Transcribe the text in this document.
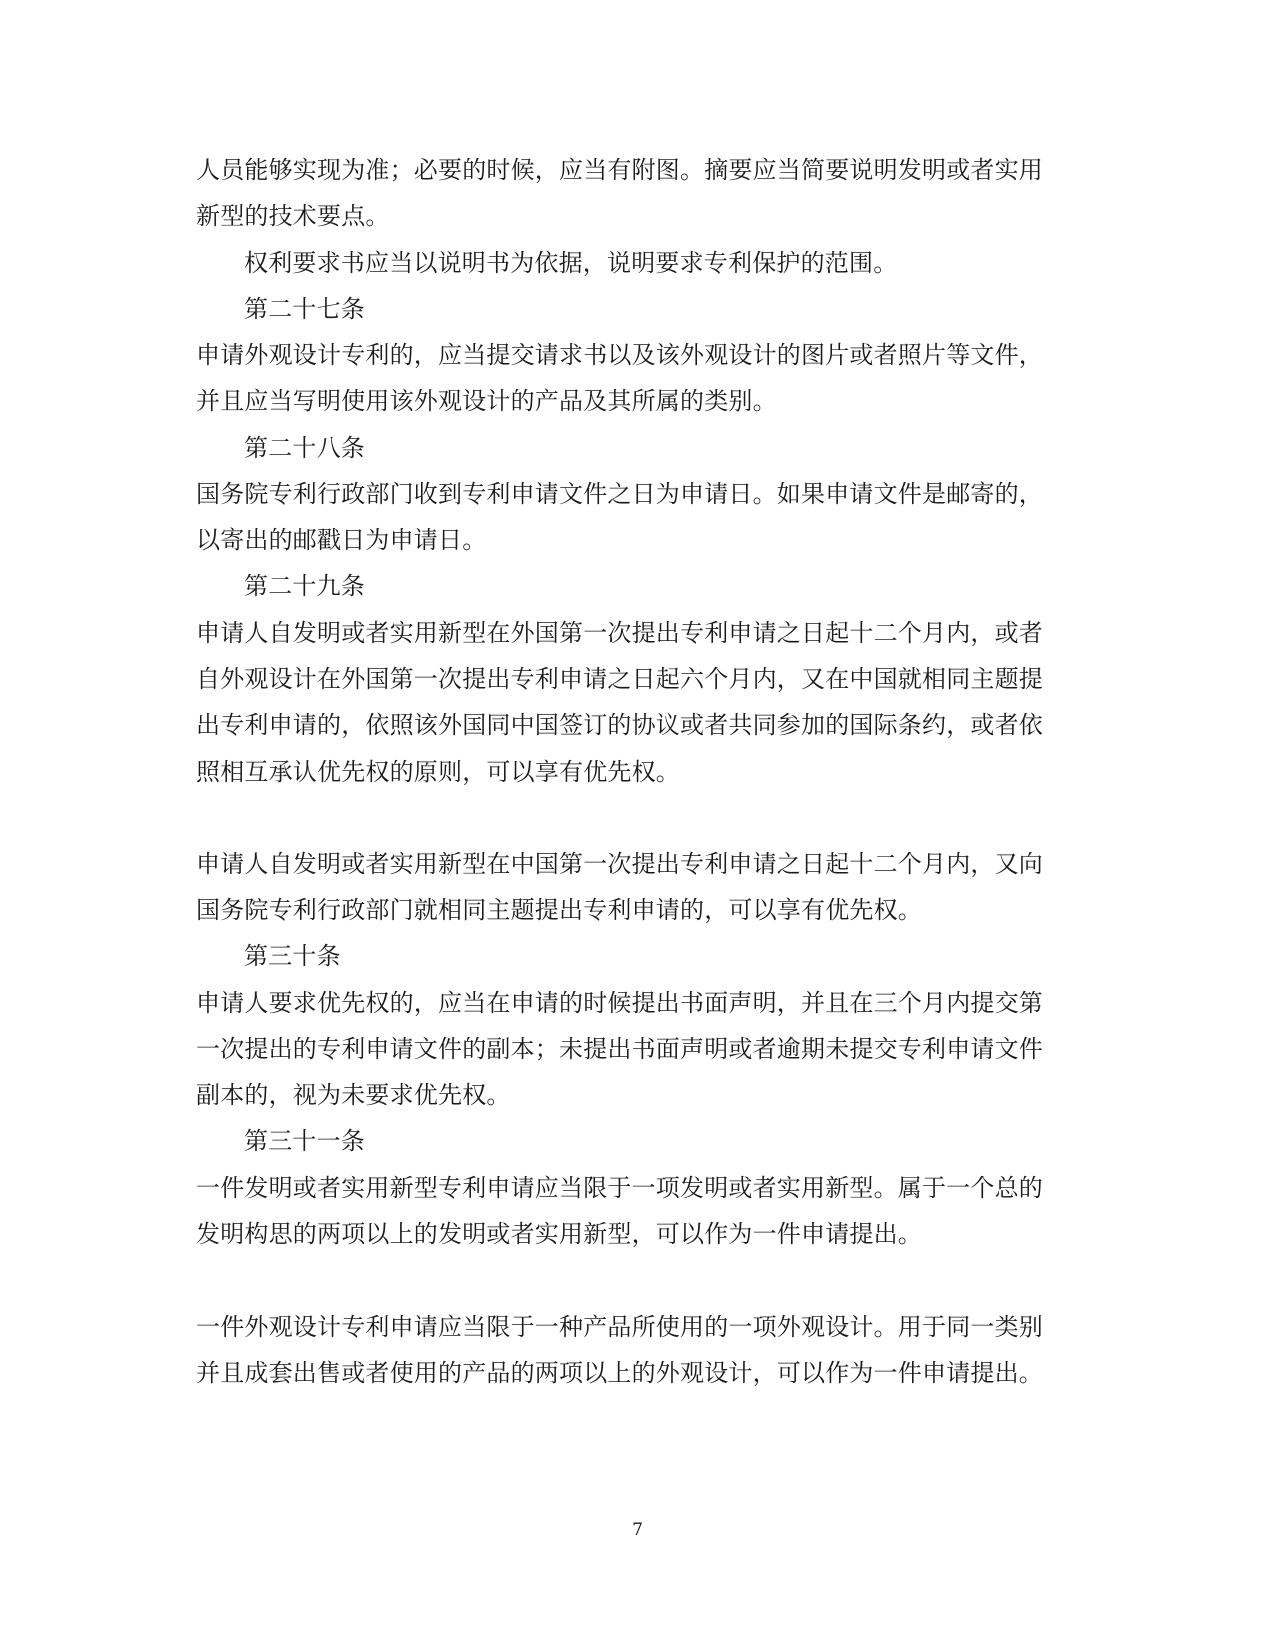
人员能够实现为准；必要的时候，应当有附图。摘要应当简要说明发明或者实用
新型的技术要点。
权利要求书应当以说明书为依据，说明要求专利保护的范围。
第二十七条
申请外观设计专利的，应当提交请求书以及该外观设计的图片或者照片等文件，
并且应当写明使用该外观设计的产品及其所属的类别。
第二十八条
国务院专利行政部门收到专利申请文件之日为申请日。如果申请文件是邮寄的，
以寄出的邮戳日为申请日。
第二十九条
申请人自发明或者实用新型在外国第一次提出专利申请之日起十二个月内，或者
自外观设计在外国第一次提出专利申请之日起六个月内，又在中国就相同主题提
出专利申请的，依照该外国同中国签订的协议或者共同参加的国际条约，或者依
照相互承认优先权的原则，可以享有优先权。
申请人自发明或者实用新型在中国第一次提出专利申请之日起十二个月内，又向
国务院专利行政部门就相同主题提出专利申请的，可以享有优先权。
第三十条
申请人要求优先权的，应当在申请的时候提出书面声明，并且在三个月内提交第
一次提出的专利申请文件的副本；未提出书面声明或者逾期未提交专利申请文件
副本的，视为未要求优先权。
第三十一条
一件发明或者实用新型专利申请应当限于一项发明或者实用新型。属于一个总的
发明构思的两项以上的发明或者实用新型，可以作为一件申请提出。
一件外观设计专利申请应当限于一种产品所使用的一项外观设计。用于同一类别
并且成套出售或者使用的产品的两项以上的外观设计，可以作为一件申请提出。
7
